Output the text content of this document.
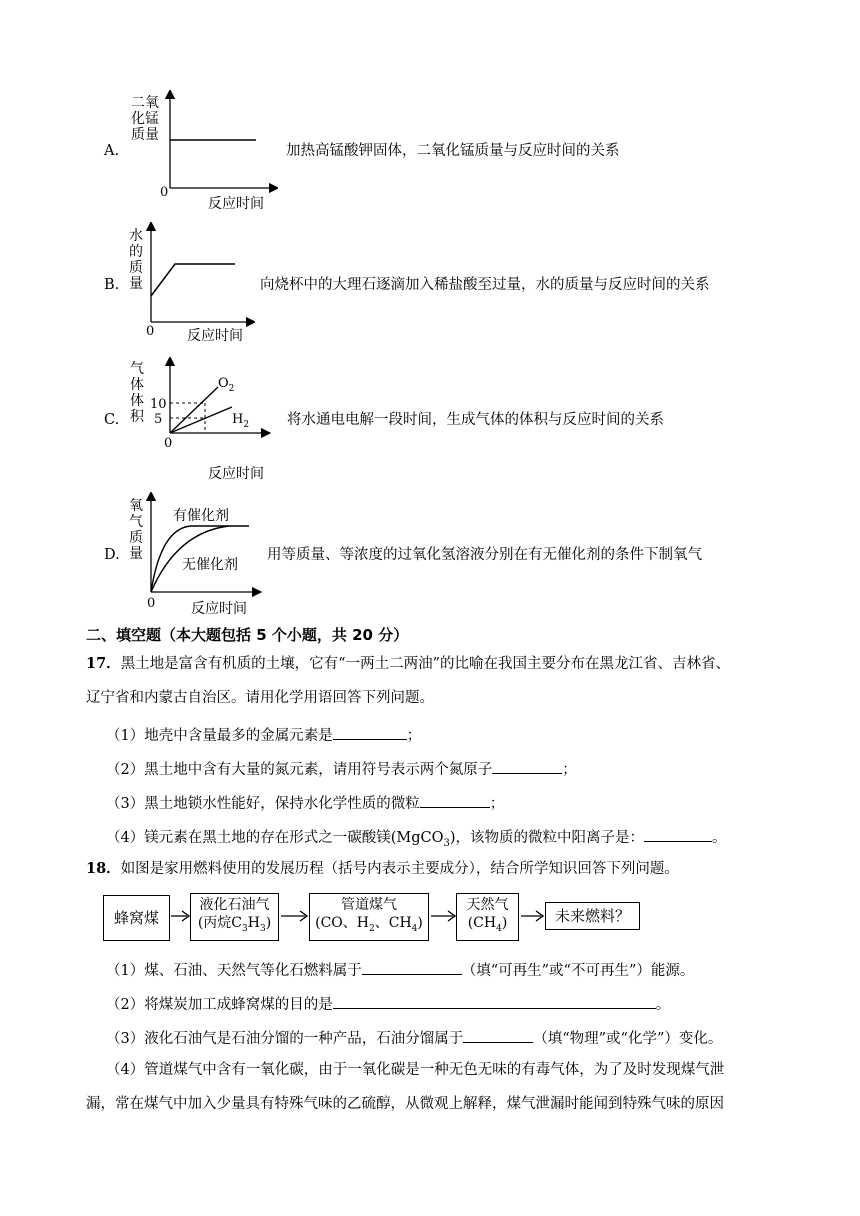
A.
二氧
化锰
质量
0
反应时间
加热高锰酸钾固体，二氧化锰质量与反应时间的关系
B.
水
的
质
量
0 反应时间
向烧杯中的大理石逐滴加入稀盐酸至过量，水的质量与反应时间的关系
C.
气
体
体
积
10
5
0
$O_2$
$H_2$
反应时间
将水通电电解一段时间，生成气体的体积与反应时间的关系
D.
氧
气
质
量
有催化剂
无催化剂
0	反应时间
用等质量、等浓度的过氧化氢溶液分别在有无催化剂的条件下制氧气
二、填空题（本大题包括 5 个小题，共 20 分）
17．黑土地是富含有机质的土壤，它有“一两土二两油”的比喻在我国主要分布在黑龙江省、吉林省、
辽宁省和内蒙古自治区。请用化学用语回答下列问题。
（1）地壳中含量最多的金属元素是	；
（2）黑土地中含有大量的氮元素，请用符号表示两个氮原子	；
（3）黑土地锁水性能好，保持水化学性质的微粒	；
（4）镁元素在黑土地的存在形式之一碳酸镁(MgCO$_3$)，该物质的微粒中阳离子是：	。
18．如图是家用燃料使用的发展历程（括号内表示主要成分），结合所学知识回答下列问题。
蜂窝煤
液化石油气
(丙烷$C_3H_3$)
管道煤气
(CO、$H_2$、$CH_4$)
天然气
$(CH_4)$	未来燃料？
（1）煤、石油、天然气等化石燃料属于	（填“可再生”或“不可再生”）能源。
（2）将煤炭加工成蜂窝煤的目的是	。
（3）液化石油气是石油分馏的一种产品，石油分馏属于	（填“物理”或“化学”）变化。
（4）管道煤气中含有一氧化碳，由于一氧化碳是一种无色无味的有毒气体，为了及时发现煤气泄
漏，常在煤气中加入少量具有特殊气味的乙硫醇，从微观上解释，煤气泄漏时能闻到特殊气味的原因
